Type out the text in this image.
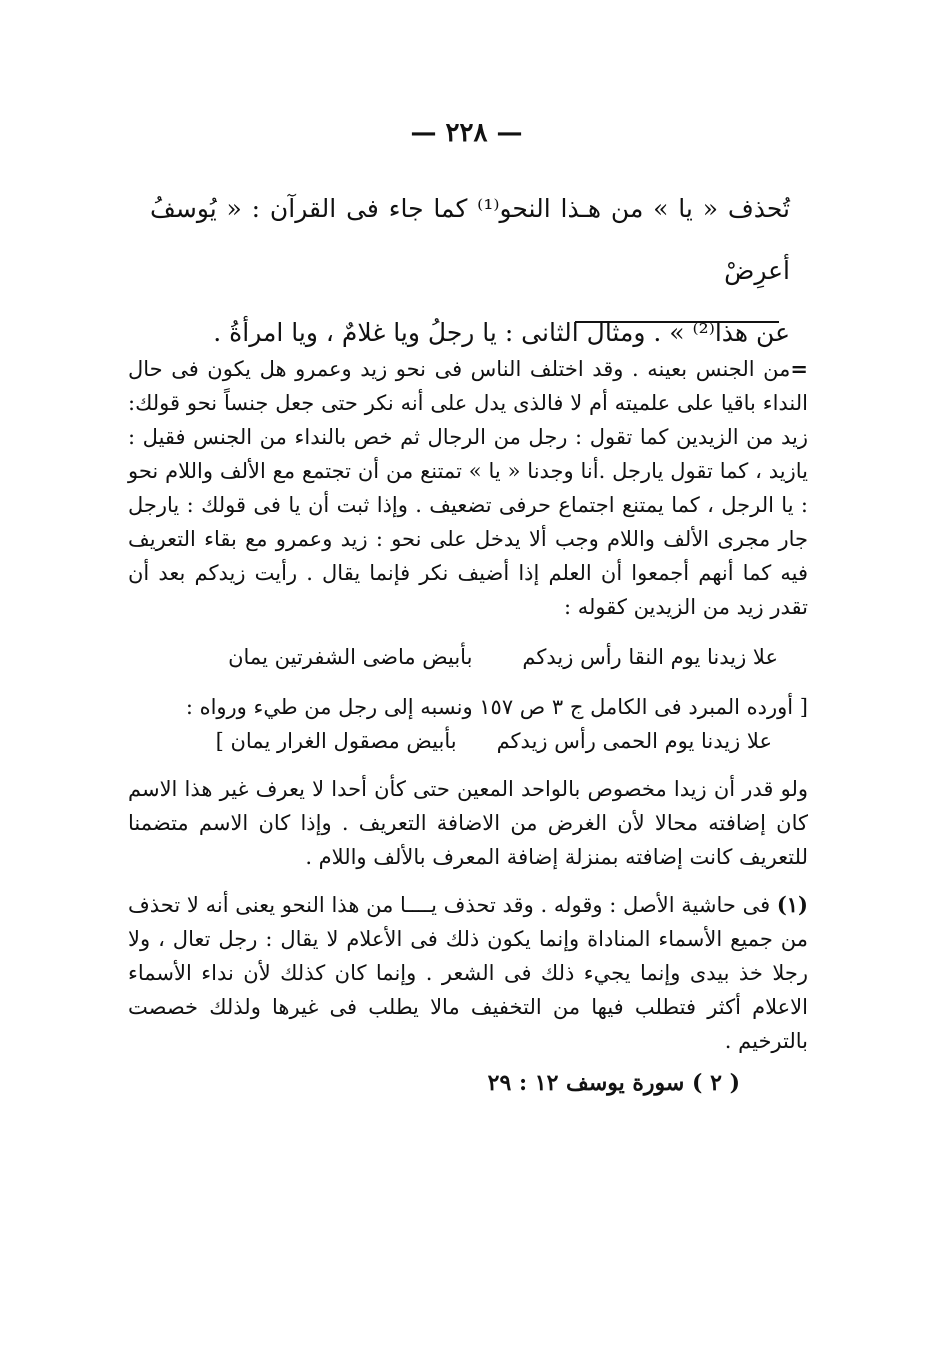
— ٢٢٨ —

تُحذف « يا » من هـذا النحو⁽¹⁾ كما جاء فى القرآن : « يُوسفُ أعرِضْ

عن هذا⁽²⁾ » . ومثال الثانى : يا رجلُ ويا غلامٌ ، ويا امرأةُ .

=من الجنس بعينه . وقد اختلف الناس فى نحو زيد وعمرو هل يكون فى حال النداء باقيا على علميته أم لا فالذى يدل على أنه نكر حتى جعل جنساً نحو قولك: زيد من الزيدين كما تقول : رجل من الرجال ثم خص بالنداء من الجنس فقيل : يازيد ، كما تقول يارجل .أنا وجدنا « يا » تمتنع من أن تجتمع مع الألف واللام نحو : يا الرجل ، كما يمتنع اجتماع حرفى تضعيف . وإذا ثبت أن يا فى قولك : يارجل جار مجرى الألف واللام وجب ألا يدخل على نحو : زيد وعمرو مع بقاء التعريف فيه كما أنهم أجمعوا أن العلم إذا أضيف نكر فإنما يقال . رأيت زيدكم بعد أن تقدر زيد من الزيدين كقوله :

علا زيدنا يوم النقا رأس زيدكم
بأبيض ماضى الشفرتين يمان

[ أورده المبرد فى الكامل ج ٣ ص ١٥٧ ونسبه إلى رجل من طيء ورواه :

علا زيدنا يوم الحمى رأس زيدكم
بأبيض مصقول الغرار يمان ]

ولو قدر أن زيدا مخصوص بالواحد المعين حتى كأن أحدا لا يعرف غير هذا الاسم كان إضافته محالا لأن الغرض من الاضافة التعريف . وإذا كان الاسم متضمنا للتعريف كانت إضافته بمنزلة إضافة المعرف بالألف واللام .

(١) فى حاشية الأصل : وقوله . وقد تحذف يــــا من هذا النحو يعنى أنه لا تحذف من جميع الأسماء المناداة وإنما يكون ذلك فى الأعلام لا يقال : رجل تعال ، ولا رجلا خذ بيدى وإنما يجيء ذلك فى الشعر . وإنما كان كذلك لأن نداء الأسماء الاعلام أكثر فتطلب فيها من التخفيف مالا يطلب فى غيرها ولذلك خصصت بالترخيم .

( ٢ ) سورة يوسف ١٢ : ٢٩
